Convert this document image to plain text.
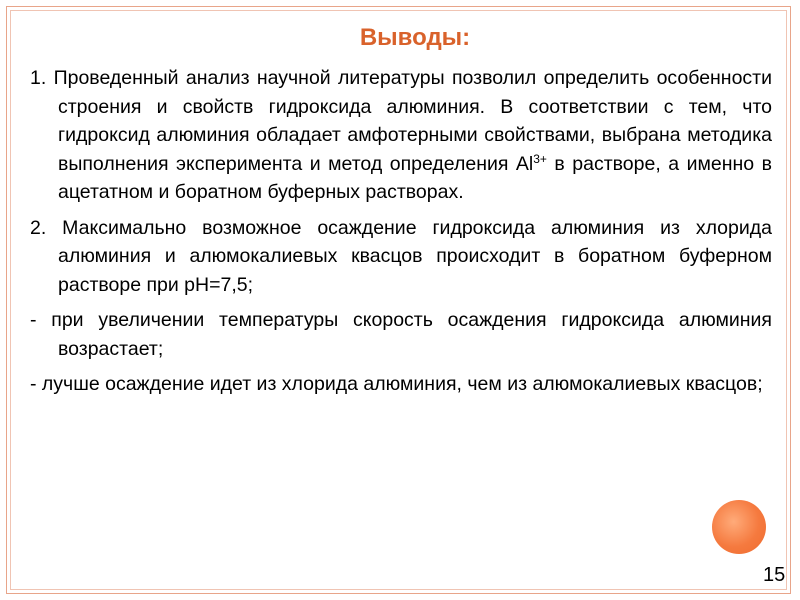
Выводы:

1. Проведенный анализ научной литературы позволил определить особенности строения и свойств гидроксида алюминия. В соответствии с тем, что гидроксид алюминия обладает амфотерными свойствами, выбрана методика выполнения эксперимента и метод определения $Al^{3+}$ в растворе, а именно в ацетатном и боратном буферных растворах.

2. Максимально возможное осаждение гидроксида алюминия из хлорида алюминия и алюмокалиевых квасцов происходит в боратном буферном растворе при pH=7,5;

- при увеличении температуры скорость осаждения гидроксида алюминия возрастает;

- лучше осаждение идет из хлорида алюминия, чем из алюмокалиевых квасцов;

15
